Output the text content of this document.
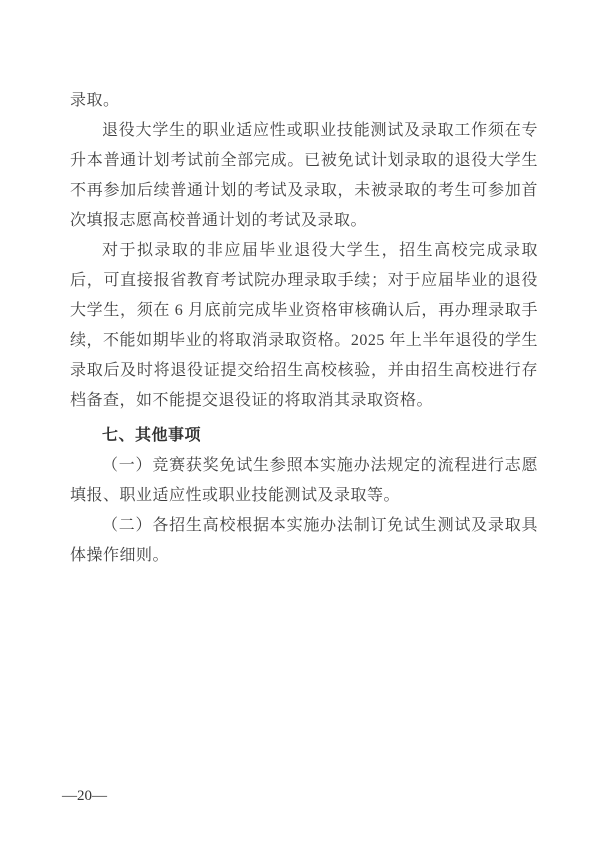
录取。

退役大学生的职业适应性或职业技能测试及录取工作须在专升本普通计划考试前全部完成。已被免试计划录取的退役大学生不再参加后续普通计划的考试及录取，未被录取的考生可参加首次填报志愿高校普通计划的考试及录取。

对于拟录取的非应届毕业退役大学生，招生高校完成录取后，可直接报省教育考试院办理录取手续；对于应届毕业的退役大学生，须在 6 月底前完成毕业资格审核确认后，再办理录取手续，不能如期毕业的将取消录取资格。2025 年上半年退役的学生录取后及时将退役证提交给招生高校核验，并由招生高校进行存档备查，如不能提交退役证的将取消其录取资格。

七、其他事项

（一）竞赛获奖免试生参照本实施办法规定的流程进行志愿填报、职业适应性或职业技能测试及录取等。

（二）各招生高校根据本实施办法制订免试生测试及录取具体操作细则。

—20—
